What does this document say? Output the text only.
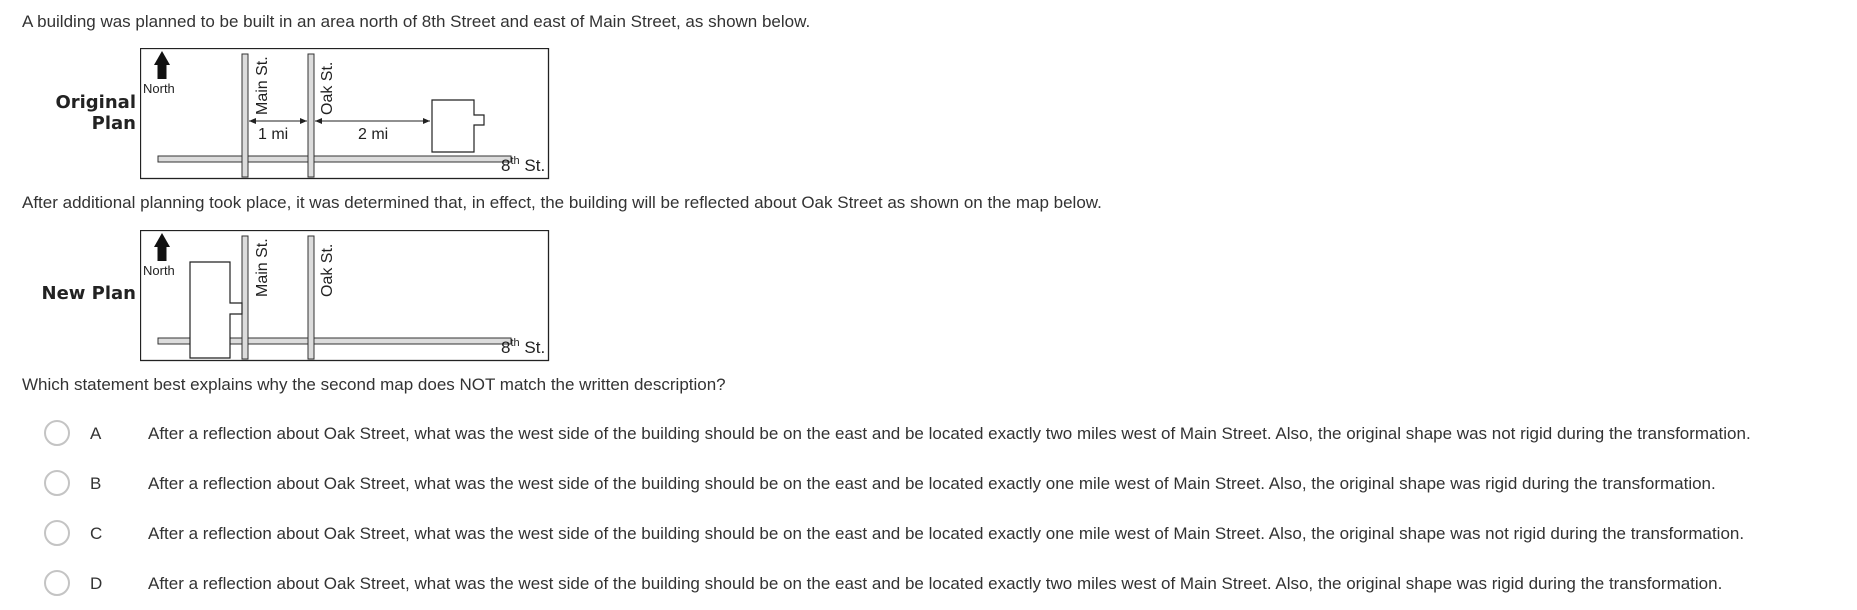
A building was planned to be built in an area north of 8th Street and east of Main Street, as shown below.
Original Plan
North	Main St.	Oak St.
1 mi	2 mi
8th St.
After additional planning took place, it was determined that, in effect, the building will be reflected about Oak Street as shown on the map below.
New Plan
North	Main St.	Oak St.
8th St.
Which statement best explains why the second map does NOT match the written description?
A	After a reflection about Oak Street, what was the west side of the building should be on the east and be located exactly two miles west of Main Street. Also, the original shape was not rigid during the transformation.
B	After a reflection about Oak Street, what was the west side of the building should be on the east and be located exactly one mile west of Main Street. Also, the original shape was rigid during the transformation.
C	After a reflection about Oak Street, what was the west side of the building should be on the east and be located exactly one mile west of Main Street. Also, the original shape was not rigid during the transformation.
D	After a reflection about Oak Street, what was the west side of the building should be on the east and be located exactly two miles west of Main Street. Also, the original shape was rigid during the transformation.
